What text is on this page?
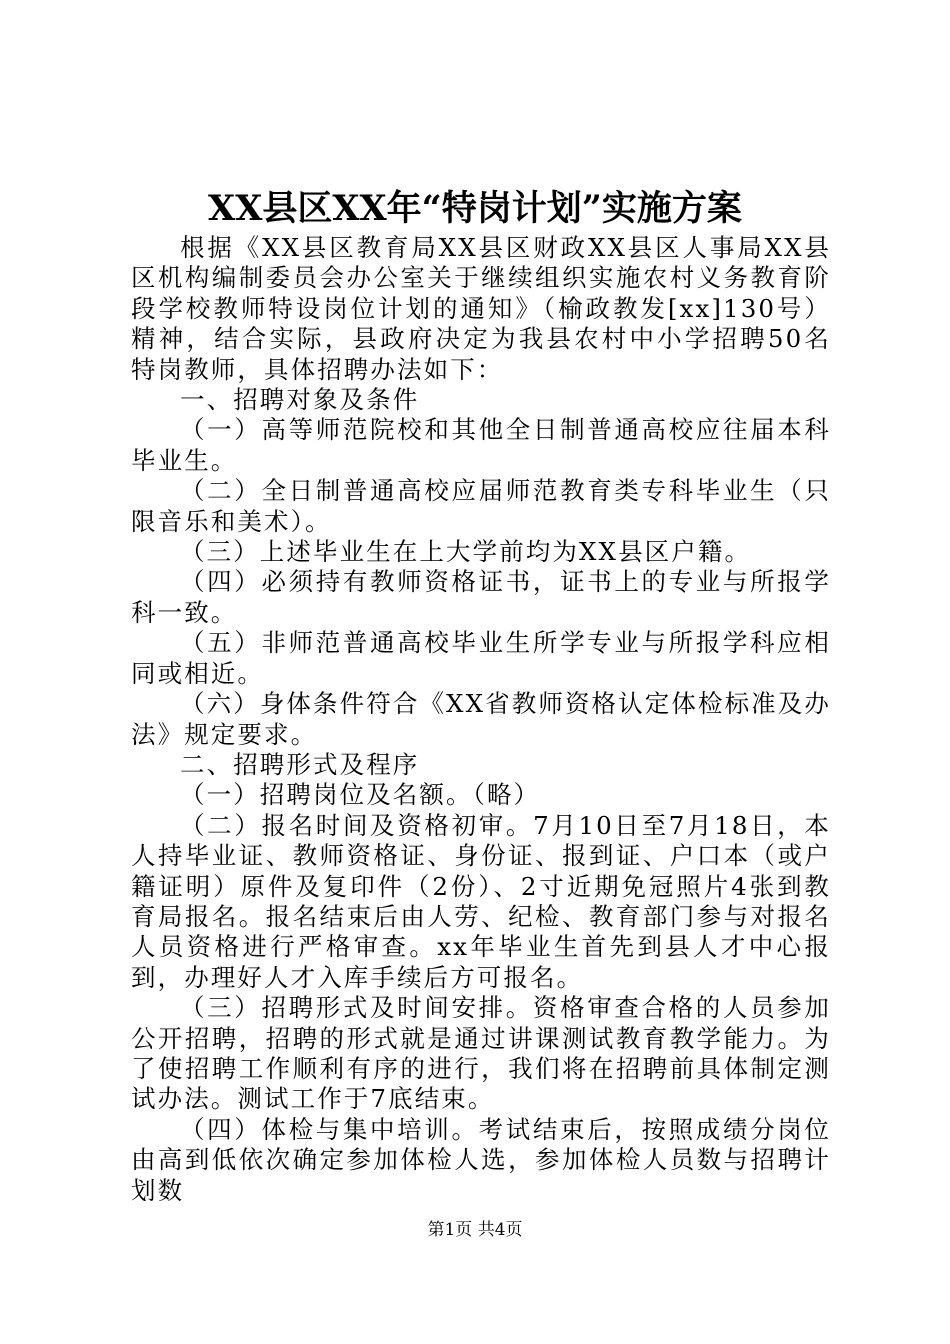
XX县区XX年“特岗计划”实施方案

根据《XX县区教育局XX县区财政XX县区人事局XX县区机构编制委员会办公室关于继续组织实施农村义务教育阶段学校教师特设岗位计划的通知》（榆政教发[xx]130号）精神，结合实际，县政府决定为我县农村中小学招聘50名特岗教师，具体招聘办法如下：

一、招聘对象及条件

（一）高等师范院校和其他全日制普通高校应往届本科毕业生。

（二）全日制普通高校应届师范教育类专科毕业生（只限音乐和美术）。

（三）上述毕业生在上大学前均为XX县区户籍。

（四）必须持有教师资格证书，证书上的专业与所报学科一致。

（五）非师范普通高校毕业生所学专业与所报学科应相同或相近。

（六）身体条件符合《XX省教师资格认定体检标准及办法》规定要求。

二、招聘形式及程序

（一）招聘岗位及名额。（略）

（二）报名时间及资格初审。7月10日至7月18日，本人持毕业证、教师资格证、身份证、报到证、户口本（或户籍证明）原件及复印件（2份）、2寸近期免冠照片4张到教育局报名。报名结束后由人劳、纪检、教育部门参与对报名人员资格进行严格审查。xx年毕业生首先到县人才中心报到，办理好人才入库手续后方可报名。

（三）招聘形式及时间安排。资格审查合格的人员参加公开招聘，招聘的形式就是通过讲课测试教育教学能力。为了使招聘工作顺利有序的进行，我们将在招聘前具体制定测试办法。测试工作于7底结束。

（四）体检与集中培训。考试结束后，按照成绩分岗位由高到低依次确定参加体检人选，参加体检人员数与招聘计划数

第1页 共4页
